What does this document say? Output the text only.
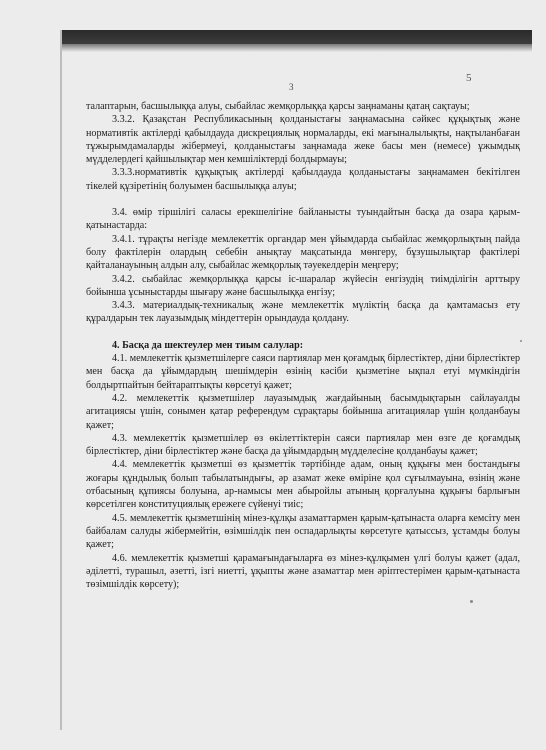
5
3

талаптарын, басшылыққа алуы, сыбайлас жемқорлыққа қарсы заңнаманы қатаң сақтауы;

3.3.2. Қазақстан Республикасының қолданыстағы заңнамасына сәйкес құқықтық және нормативтік актілерді қабылдауда дискрециялық нормаларды, екі мағыналылықты, нақтыланбаған тұжырымдамаларды жібермеуі, қолданыстағы заңнамада жеке басы мен (немесе) ұжымдық мүдделердегі қайшылықтар мен кемшіліктерді болдырмауы;

3.3.3.нормативтік құқықтық актілерді қабылдауда қолданыстағы заңнамамен бекітілген тікелей құзіретінің болуымен басшылыққа алуы;

3.4. өмір тіршілігі саласы ерекшелігіне байланысты туындайтын басқа да озара қарым-қатынастарда:

3.4.1. тұрақты негізде мемлекеттік органдар мен ұйымдарда сыбайлас жемқорлықтың пайда болу фактілерін олардың себебін анықтау мақсатында мөнгеру, бұзушылықтар фактілері қайталанауының алдын алу, сыбайлас жемқорлық тәуекелдерін меңгеру;

3.4.2. сыбайлас жемқорлыққа қарсы іс-шаралар жүйесін енгізудің тиімділігін арттыру бойынша ұсыныстарды шығару және басшылыққа енгізу;

3.4.3. материалдық-техникалық және мемлекеттік мүліктің басқа да қамтамасыз ету құралдарын тек лауазымдық міндеттерін орындауда қолдану.

4. Басқа да шектеулер мен тиым салулар:

4.1. мемлекеттік қызметшілерге саяси партиялар мен қоғамдық бірлестіктер, діни бірлестіктер мен басқа да ұйымдардың шешімдерін өзінің кәсіби қызметіне ықпал етуі мүмкіндігін болдыртпайтын бейтараптықты көрсетуі қажет;

4.2. мемлекеттік қызметшілер лауазымдық жағдайының басымдықтарын сайлауалды агитациясы үшін, сонымен қатар референдум сұрақтары бойынша агитациялар үшін қолданбауы қажет;

4.3. мемлекеттік қызметшілер өз өкілеттіктерін саяси партиялар мен өзге де қоғамдық бірлестіктер, діни бірлестіктер және басқа да ұйымдардың мүдделесіне қолданбауы қажет;

4.4. мемлекеттік қызметші өз қызметтік тәртібінде адам, оның құқығы мен бостандығы жоғары құндылық болып табылатындығы, әр азамат жеке өміріне қол сұғылмауына, өзінің және отбасының құпиясы болуына, ар-намысы мен абыройлы атының қорғалуына құқығы барлығын көрсетілген конституциялық ережеге сүйенуі тиіс;

4.5. мемлекеттік қызметшінің мінез-құлқы азаматтармен қарым-қатынаста оларға кемсіту мен байбалам салуды жібермейтін, өзімшілдік пен оспадарлықты көрсетуге қатыссыз, ұстамды болуы қажет;

4.6. мемлекеттік қызметші қарамағындағыларға өз мінез-құлқымен үлгі болуы қажет (адал, әділетті, турашыл, әзетті, ізгі ниетті, ұқыпты және азаматтар мен әріптестерімен қарым-қатынаста төзімшілдік көрсету);
